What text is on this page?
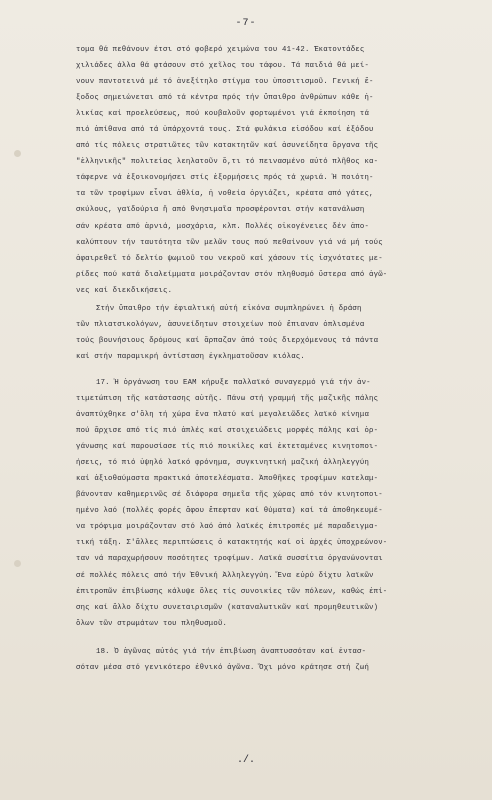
-7-
τομα θά πεθάνουν έτσι στό φοβερό χειμώνα του 41-42. Έκατοντάδες
χιλιάδες άλλα θά φτάσουν στό χεῖλος του τάφου. Τά παιδιά θά μεί-
νουν παντοτεινά μέ τό ἀνεξίτηλο στίγμα του ὑποσιτισμοῦ. Γενική ἔ-
ξοδος σημειώνεται από τά κέντρα πρός τήν ὕπαιθρο ἀνθρώπων κάθε ἡ-
λικίας καί προελεύσεως, πού κουβαλοῦν φορτωμένοι γιά ἐκποίηση τά
πιό ἀπίθανα από τά ὑπάρχοντά τους. Στά φυλάκια εἰσόδου καί ἐξόδου
από τίς πόλεις στρατιῶτες τῶν κατακτητῶν καί ἀσυνείδητα ὄργανα τῆς
"ἑλληνικῆς" πολιτείας λεηλατοῦν ὅ,τι τό πεινασμένο αὐτό πλῆθος κα-
τάφερνε νά ἐξοικονομήσει στίς ἐξορμήσεις πρός τά χωριά. Ἡ ποιότη-
τα τῶν τροφίμων εἶναι ἀθλία, ἡ νοθεία ὀργιάζει, κρέατα από γάτες,
σκύλους, γαϊδούρια ἤ από θνησιμαῖα προσφέρονται στήν κατανάλωση
σάν κρέατα από ἀρνιά, μοσχάρια, κλπ. Πολλές οἰκογένειες δέν ἀπο-
καλύπτουν τήν ταυτότητα τῶν μελῶν τους πού πεθαίνουν γιά νά μή τούς
ἀφαιρεθεῖ τό δελτίο ψωμιοῦ του νεκροῦ καί χάσουν τίς ἰσχνότατες με-
ρίδες πού κατά διαλείμματα μοιράζονταν στόν πληθυσμό ὕστερα από ἀγῶ-
νες καί διεκδικήσεις.
Στήν ὕπαιθρο τήν ἐφιαλτική αὐτή εἰκόνα συμπληρώνει ἡ δράση
τῶν πλιατσικολόγων, ἀσυνείδητων στοιχείων πού ἔπιαναν ὁπλισμένα
τούς βουνήσιους δρόμους καί ἅρπαζαν ἀπό τούς διερχόμενους τά πάντα
καί στήν παραμικρή ἀντίσταση ἐγκληματοῦσαν κιόλας.
17. Ἡ ὀργάνωση του ΕΑΜ κήρυξε παλλαϊκό συναγερμό γιά τήν ἀν-
τιμετώπιση τῆς κατάστασης αὐτῆς. Πάνω στή γραμμή τῆς μαζικῆς πάλης
ἀναπτύχθηκε σ'ὅλη τή χώρα ἕνα πλατύ καί μεγαλειῶδες λαϊκό κίνημα
πού ἄρχισε από τίς πιό ἁπλές καί στοιχειώδεις μορφές πάλης καί ὀρ-
γάνωσης καί παρουσίασε τίς πιό ποικίλες καί ἐκτεταμένες κινητοποι-
ήσεις, τό πιό ὑψηλό λαϊκό φρόνημα, συγκινητική μαζική ἀλληλεγγύη
καί ἀξιοθαύμαστα πρακτικά ἀποτελέσματα. Ἀποθῆκες τροφίμων κατελαμ-
βάνονταν καθημερινῶς σέ διάφορα σημεῖα τῆς χώρας από τόν κινητοποι-
ημένο λαό (πολλές φορές ἄφου ἔπεφταν καί θύματα) καί τά ἀποθηκευμέ-
να τρόφιμα μοιράζονταν στό λαό ἀπό λαϊκές ἐπιτροπές μέ παραδειγμα-
τική τάξη. Σ'ἄλλες περιπτώσεις ὁ κατακτητής καί οἱ ἀρχές ὑποχρεώνον-
ταν νά παραχωρήσουν ποσότητες τροφίμων. Λαϊκά συσσίτια ὀργανώνονται
σέ πολλές πόλεις από τήν Ἐθνική Ἀλληλεγγύη. Ἕνα εὐρύ δίχτυ λαϊκῶν
ἐπιτροπῶν ἐπιβίωσης κάλυψε ὅλες τίς συνοικίες τῶν πόλεων, καθώς ἐπί-
σης καί ἄλλο δίχτυ συνεταιρισμῶν (καταναλωτικῶν καί προμηθευτικῶν)
ὅλων τῶν στρωμάτων του πληθυσμοῦ.
18. Ὁ ἀγῶνας αὐτός γιά τήν ἐπιβίωση ἀναπτυσσόταν καί ἐντασ-
σόταν μέσα στό γενικότερο ἐθνικό ἀγῶνα. Ὄχι μόνο κράτησε στή ζωή
./.
